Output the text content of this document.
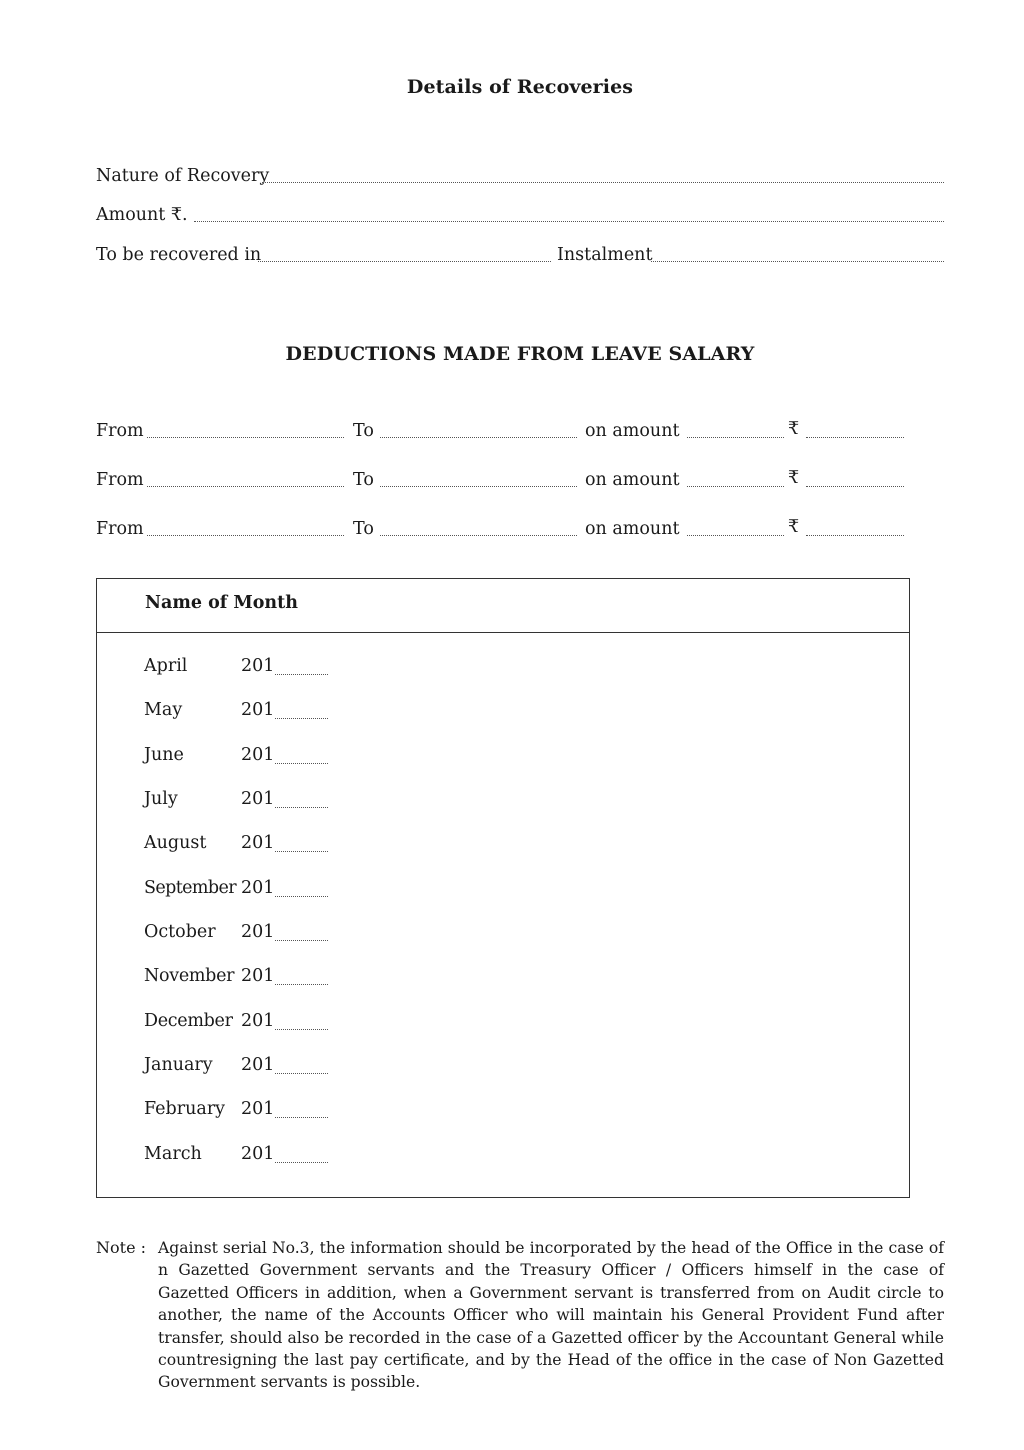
Details of Recoveries
Nature of Recovery
Amount ₹.
To be recovered in	Instalment
DEDUCTIONS MADE FROM LEAVE SALARY
From	To	on amount	₹
From	To	on amount	₹
From	To	on amount	₹
Name of Month
April	201
May	201
June	201
July	201
August 201
September 201
October 201
November 201
December 201
January 201
February 201
March 201
Note : Against serial No.3, the information should be incorporated by the head of the Office in the case of n Gazetted Government servants and the Treasury Officer / Officers himself in the case of Gazetted Officers in addition, when a Government servant is transferred from on Audit circle to another, the name of the Accounts Officer who will maintain his General Provident Fund after transfer, should also be recorded in the case of a Gazetted officer by the Accountant General while countresigning the last pay certificate, and by the Head of the office in the case of Non Gazetted Government servants is possible.
